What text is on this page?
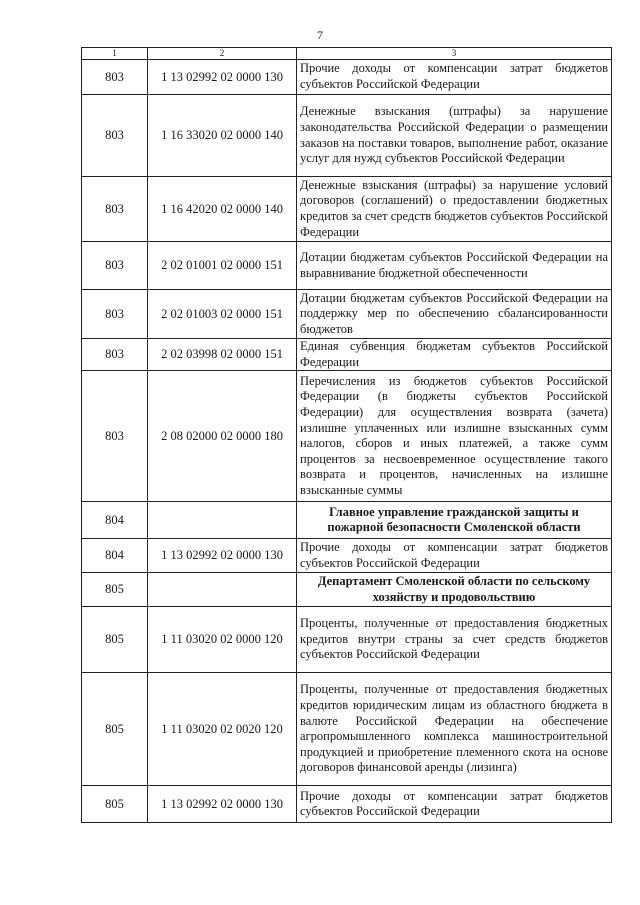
7
1	2	3
803	1 13 02992 02 0000 130	Прочие доходы от компенсации затрат бюджетов субъектов Российской Федерации
803	1 16 33020 02 0000 140	Денежные взыскания (штрафы) за нарушение законодательства Российской Федерации о размещении заказов на поставки товаров, выполнение работ, оказание услуг для нужд субъектов Российской Федерации
803	1 16 42020 02 0000 140	Денежные взыскания (штрафы) за нарушение условий договоров (соглашений) о предоставлении бюджетных кредитов за счет средств бюджетов субъектов Российской Федерации
803	2 02 01001 02 0000 151	Дотации бюджетам субъектов Российской Федерации на выравнивание бюджетной обеспеченности
803	2 02 01003 02 0000 151	Дотации бюджетам субъектов Российской Федерации на поддержку мер по обеспечению сбалансированности бюджетов
803	2 02 03998 02 0000 151	Единая субвенция бюджетам субъектов Российской Федерации
803	2 08 02000 02 0000 180	Перечисления из бюджетов субъектов Российской Федерации (в бюджеты субъектов Российской Федерации) для осуществления возврата (зачета) излишне уплаченных или излишне взысканных сумм налогов, сборов и иных платежей, а также сумм процентов за несвоевременное осуществление такого возврата и процентов, начисленных на излишне взысканные суммы
804		Главное управление гражданской защиты и пожарной безопасности Смоленской области
804	1 13 02992 02 0000 130	Прочие доходы от компенсации затрат бюджетов субъектов Российской Федерации
805		Департамент Смоленской области по сельскому хозяйству и продовольствию
805	1 11 03020 02 0000 120	Проценты, полученные от предоставления бюджетных кредитов внутри страны за счет средств бюджетов субъектов Российской Федерации
805	1 11 03020 02 0020 120	Проценты, полученные от предоставления бюджетных кредитов юридическим лицам из областного бюджета в валюте Российской Федерации на обеспечение агропромышленного комплекса машиностроительной продукцией и приобретение племенного скота на основе договоров финансовой аренды (лизинга)
805	1 13 02992 02 0000 130	Прочие доходы от компенсации затрат бюджетов субъектов Российской Федерации
